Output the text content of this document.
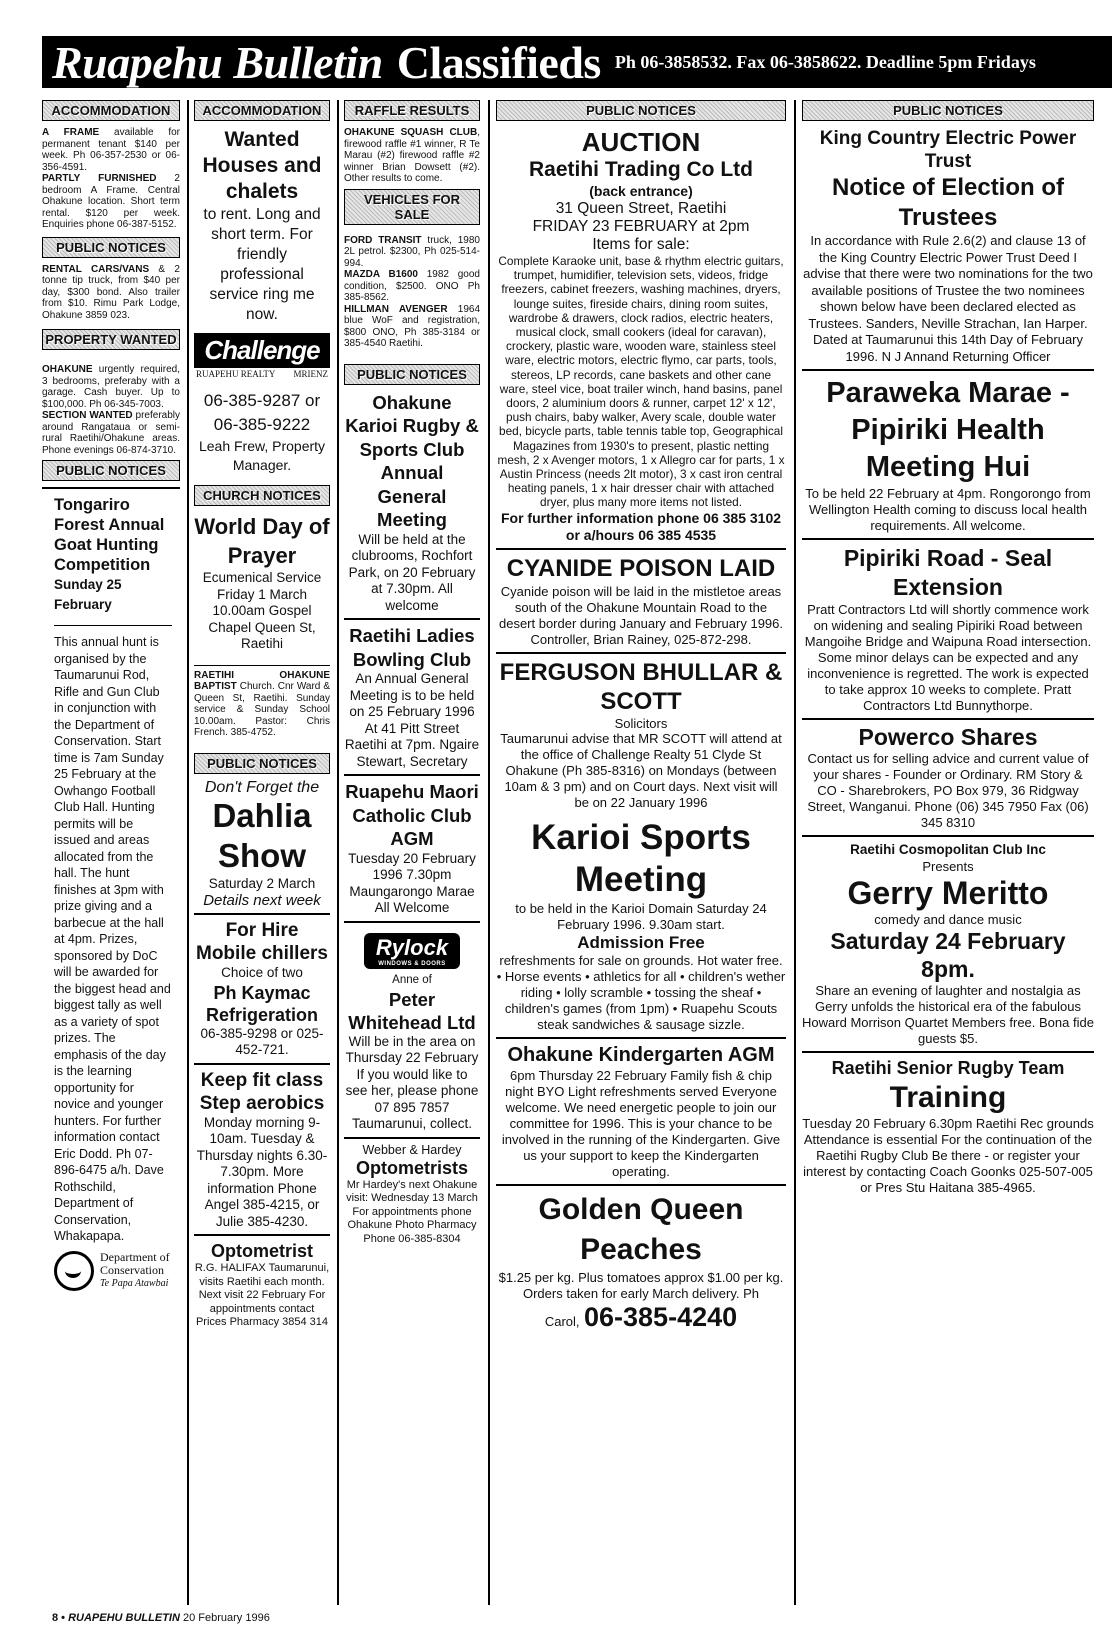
Ruapehu Bulletin Classifieds Ph 06-3858532. Fax 06-3858622. Deadline 5pm Fridays
ACCOMMODATION

A FRAME available for permanent tenant $140 per week. Ph 06-357-2530 or 06-356-4591.

PARTLY FURNISHED 2 bedroom A Frame. Central Ohakune location. Short term rental. $120 per week. Enquiries phone 06-387-5152.

PUBLIC NOTICES

RENTAL CARS/VANS & 2 tonne tip truck, from $40 per day, $300 bond. Also trailer from $10. Rimu Park Lodge, Ohakune 3859 023.

PROPERTY WANTED

OHAKUNE urgently required, 3 bedrooms, preferaby with a garage. Cash buyer. Up to $100,000. Ph 06-345-7003.

SECTION WANTED preferably around Rangataua or semi-rural Raetihi/Ohakune areas. Phone evenings 06-874-3710.

PUBLIC NOTICES
Tongariro Forest Annual Goat Hunting Competition
Sunday 25 February
This annual hunt is organised by the Taumarunui Rod, Rifle and Gun Club in conjunction with the Department of Conservation. Start time is 7am Sunday 25 February at the Owhango Football Club Hall. Hunting permits will be issued and areas allocated from the hall. The hunt finishes at 3pm with prize giving and a barbecue at the hall at 4pm. Prizes, sponsored by DoC will be awarded for the biggest head and biggest tally as well as a variety of spot prizes. The emphasis of the day is the learning opportunity for novice and younger hunters. For further information contact Eric Dodd. Ph 07-896-6475 a/h. Dave Rothschild, Department of Conservation, Whakapapa.
Department of
Conservation
Te Papa Atawbai
ACCOMMODATION
Wanted Houses and chalets
to rent. Long and short term. For friendly professional service ring me now.
Challenge
RUAPEHU REALTY MRIENZ
06-385-9287 or 06-385-9222
Leah Frew, Property Manager.
CHURCH NOTICES
World Day of Prayer
Ecumenical Service Friday 1 March 10.00am Gospel Chapel Queen St, Raetihi

RAETIHI OHAKUNE BAPTIST Church. Cnr Ward & Queen St, Raetihi. Sunday service & Sunday School 10.00am. Pastor: Chris French. 385-4752.

PUBLIC NOTICES
Don't Forget the
Dahlia Show
Saturday 2 March
Details next week
For Hire Mobile chillers
Choice of two
Ph Kaymac Refrigeration
06-385-9298 or 025-452-721.
Keep fit class Step aerobics
Monday morning 9-10am. Tuesday & Thursday nights 6.30-7.30pm. More information Phone Angel 385-4215, or Julie 385-4230.
Optometrist
R.G. HALIFAX Taumarunui, visits Raetihi each month. Next visit 22 February For appointments contact Prices Pharmacy 3854 314
RAFFLE RESULTS

OHAKUNE SQUASH CLUB, firewood raffle #1 winner, R Te Marau (#2) firewood raffle #2 winner Brian Dowsett (#2). Other results to come.

VEHICLES FOR SALE

FORD TRANSIT truck, 1980 2L petrol. $2300, Ph 025-514-994.

MAZDA B1600 1982 good condition, $2500. ONO Ph 385-8562.

HILLMAN AVENGER 1964 blue WoF and registration, $800 ONO, Ph 385-3184 or 385-4540 Raetihi.

PUBLIC NOTICES
Ohakune Karioi Rugby & Sports Club Annual General Meeting
Will be held at the clubrooms, Rochfort Park, on 20 February at 7.30pm. All welcome
Raetihi Ladies Bowling Club
An Annual General Meeting is to be held on 25 February 1996 At 41 Pitt Street Raetihi at 7pm. Ngaire Stewart, Secretary
Ruapehu Maori Catholic Club AGM
Tuesday 20 February 1996 7.30pm Maungarongo Marae All Welcome
Rylock
WINDOWS & DOORS
Anne of
Peter Whitehead Ltd
Will be in the area on Thursday 22 February If you would like to see her, please phone 07 895 7857 Taumarunui, collect.
Webber & Hardey
Optometrists
Mr Hardey's next Ohakune visit: Wednesday 13 March For appointments phone Ohakune Photo Pharmacy Phone 06-385-8304
PUBLIC NOTICES
AUCTION
Raetihi Trading Co Ltd
(back entrance)
31 Queen Street, Raetihi
FRIDAY 23 FEBRUARY at 2pm
Items for sale:
Complete Karaoke unit, base & rhythm electric guitars, trumpet, humidifier, television sets, videos, fridge freezers, cabinet freezers, washing machines, dryers, lounge suites, fireside chairs, dining room suites, wardrobe & drawers, clock radios, electric heaters, musical clock, small cookers (ideal for caravan), crockery, plastic ware, wooden ware, stainless steel ware, electric motors, electric flymo, car parts, tools, stereos, LP records, cane baskets and other cane ware, steel vice, boat trailer winch, hand basins, panel doors, 2 aluminium doors & runner, carpet 12' x 12', push chairs, baby walker, Avery scale, double water bed, bicycle parts, table tennis table top, Geographical Magazines from 1930's to present, plastic netting mesh, 2 x Avenger motors, 1 x Allegro car for parts, 1 x Austin Princess (needs 2lt motor), 3 x cast iron central heating panels, 1 x hair dresser chair with attached dryer, plus many more items not listed.
For further information phone 06 385 3102 or a/hours 06 385 4535
CYANIDE POISON LAID
Cyanide poison will be laid in the mistletoe areas south of the Ohakune Mountain Road to the desert border during January and February 1996. Controller, Brian Rainey, 025-872-298.
FERGUSON BHULLAR & SCOTT
Solicitors
Taumarunui advise that MR SCOTT will attend at the office of Challenge Realty 51 Clyde St Ohakune (Ph 385-8316) on Mondays (between 10am & 3 pm) and on Court days. Next visit will be on 22 January 1996
Karioi Sports Meeting
to be held in the Karioi Domain Saturday 24 February 1996. 9.30am start.
Admission Free
refreshments for sale on grounds. Hot water free. • Horse events • athletics for all • children's wether riding • lolly scramble • tossing the sheaf • children's games (from 1pm) • Ruapehu Scouts steak sandwiches & sausage sizzle.
Ohakune Kindergarten AGM
6pm Thursday 22 February Family fish & chip night BYO Light refreshments served Everyone welcome. We need energetic people to join our committee for 1996. This is your chance to be involved in the running of the Kindergarten. Give us your support to keep the Kindergarten operating.
Golden Queen Peaches
$1.25 per kg. Plus tomatoes approx $1.00 per kg. Orders taken for early March delivery. Ph
Carol, 06-385-4240
PUBLIC NOTICES
King Country Electric Power Trust
Notice of Election of Trustees
In accordance with Rule 2.6(2) and clause 13 of the King Country Electric Power Trust Deed I advise that there were two nominations for the two available positions of Trustee the two nominees shown below have been declared elected as Trustees. Sanders, Neville Strachan, Ian Harper. Dated at Taumarunui this 14th Day of February 1996. N J Annand Returning Officer
Paraweka Marae - Pipiriki Health Meeting Hui
To be held 22 February at 4pm. Rongorongo from Wellington Health coming to discuss local health requirements. All welcome.
Pipiriki Road - Seal Extension
Pratt Contractors Ltd will shortly commence work on widening and sealing Pipiriki Road between Mangoihe Bridge and Waipuna Road intersection. Some minor delays can be expected and any inconvenience is regretted. The work is expected to take approx 10 weeks to complete. Pratt Contractors Ltd Bunnythorpe.
Powerco Shares
Contact us for selling advice and current value of your shares - Founder or Ordinary. RM Story & CO - Sharebrokers, PO Box 979, 36 Ridgway Street, Wanganui. Phone (06) 345 7950 Fax (06) 345 8310
Raetihi Cosmopolitan Club Inc
Presents
Gerry Meritto
comedy and dance music
Saturday 24 February 8pm.
Share an evening of laughter and nostalgia as Gerry unfolds the historical era of the fabulous Howard Morrison Quartet Members free. Bona fide guests $5.
Raetihi Senior Rugby Team
Training
Tuesday 20 February 6.30pm Raetihi Rec grounds Attendance is essential For the continuation of the Raetihi Rugby Club Be there - or register your interest by contacting Coach Goonks 025-507-005 or Pres Stu Haitana 385-4965.
8 • RUAPEHU BULLETIN 20 February 1996
